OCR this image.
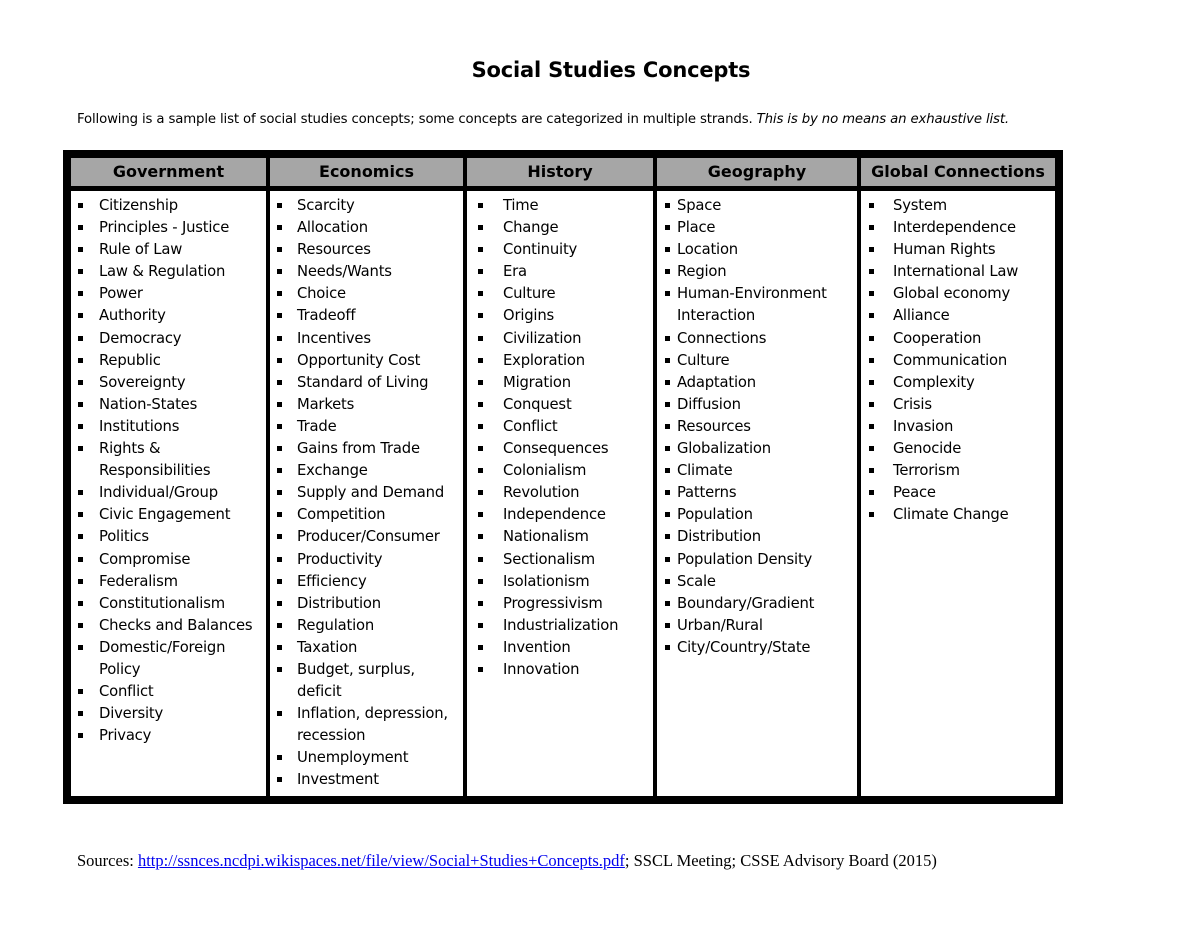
Social Studies Concepts
Following is a sample list of social studies concepts; some concepts are categorized in multiple strands. This is by no means an exhaustive list.
Government
Citizenship
Principles - Justice
Rule of Law
Law & Regulation
Power
Authority
Democracy
Republic
Sovereignty
Nation-States
Institutions
Rights &
Responsibilities
Individual/Group
Civic Engagement
Politics
Compromise
Federalism
Constitutionalism
Checks and Balances
Domestic/Foreign
Policy
Conflict
Diversity
Privacy
Economics
Scarcity
Allocation
Resources
Needs/Wants
Choice
Tradeoff
Incentives
Opportunity Cost
Standard of Living
Markets
Trade
Gains from Trade
Exchange
Supply and Demand
Competition
Producer/Consumer
Productivity
Efficiency
Distribution
Regulation
Taxation
Budget, surplus,
deficit
Inflation, depression,
recession
Unemployment
Investment
History
Time
Change
Continuity
Era
Culture
Origins
Civilization
Exploration
Migration
Conquest
Conflict
Consequences
Colonialism
Revolution
Independence
Nationalism
Sectionalism
Isolationism
Progressivism
Industrialization
Invention
Innovation
Geography
Space
Place
Location
Region
Human-Environment
Interaction
Connections
Culture
Adaptation
Diffusion
Resources
Globalization
Climate
Patterns
Population
Distribution
Population Density
Scale
Boundary/Gradient
Urban/Rural
City/Country/State
Global Connections
System
Interdependence
Human Rights
International Law
Global economy
Alliance
Cooperation
Communication
Complexity
Crisis
Invasion
Genocide
Terrorism
Peace
Climate Change
Sources: http://ssnces.ncdpi.wikispaces.net/file/view/Social+Studies+Concepts.pdf; SSCL Meeting; CSSE Advisory Board (2015)
